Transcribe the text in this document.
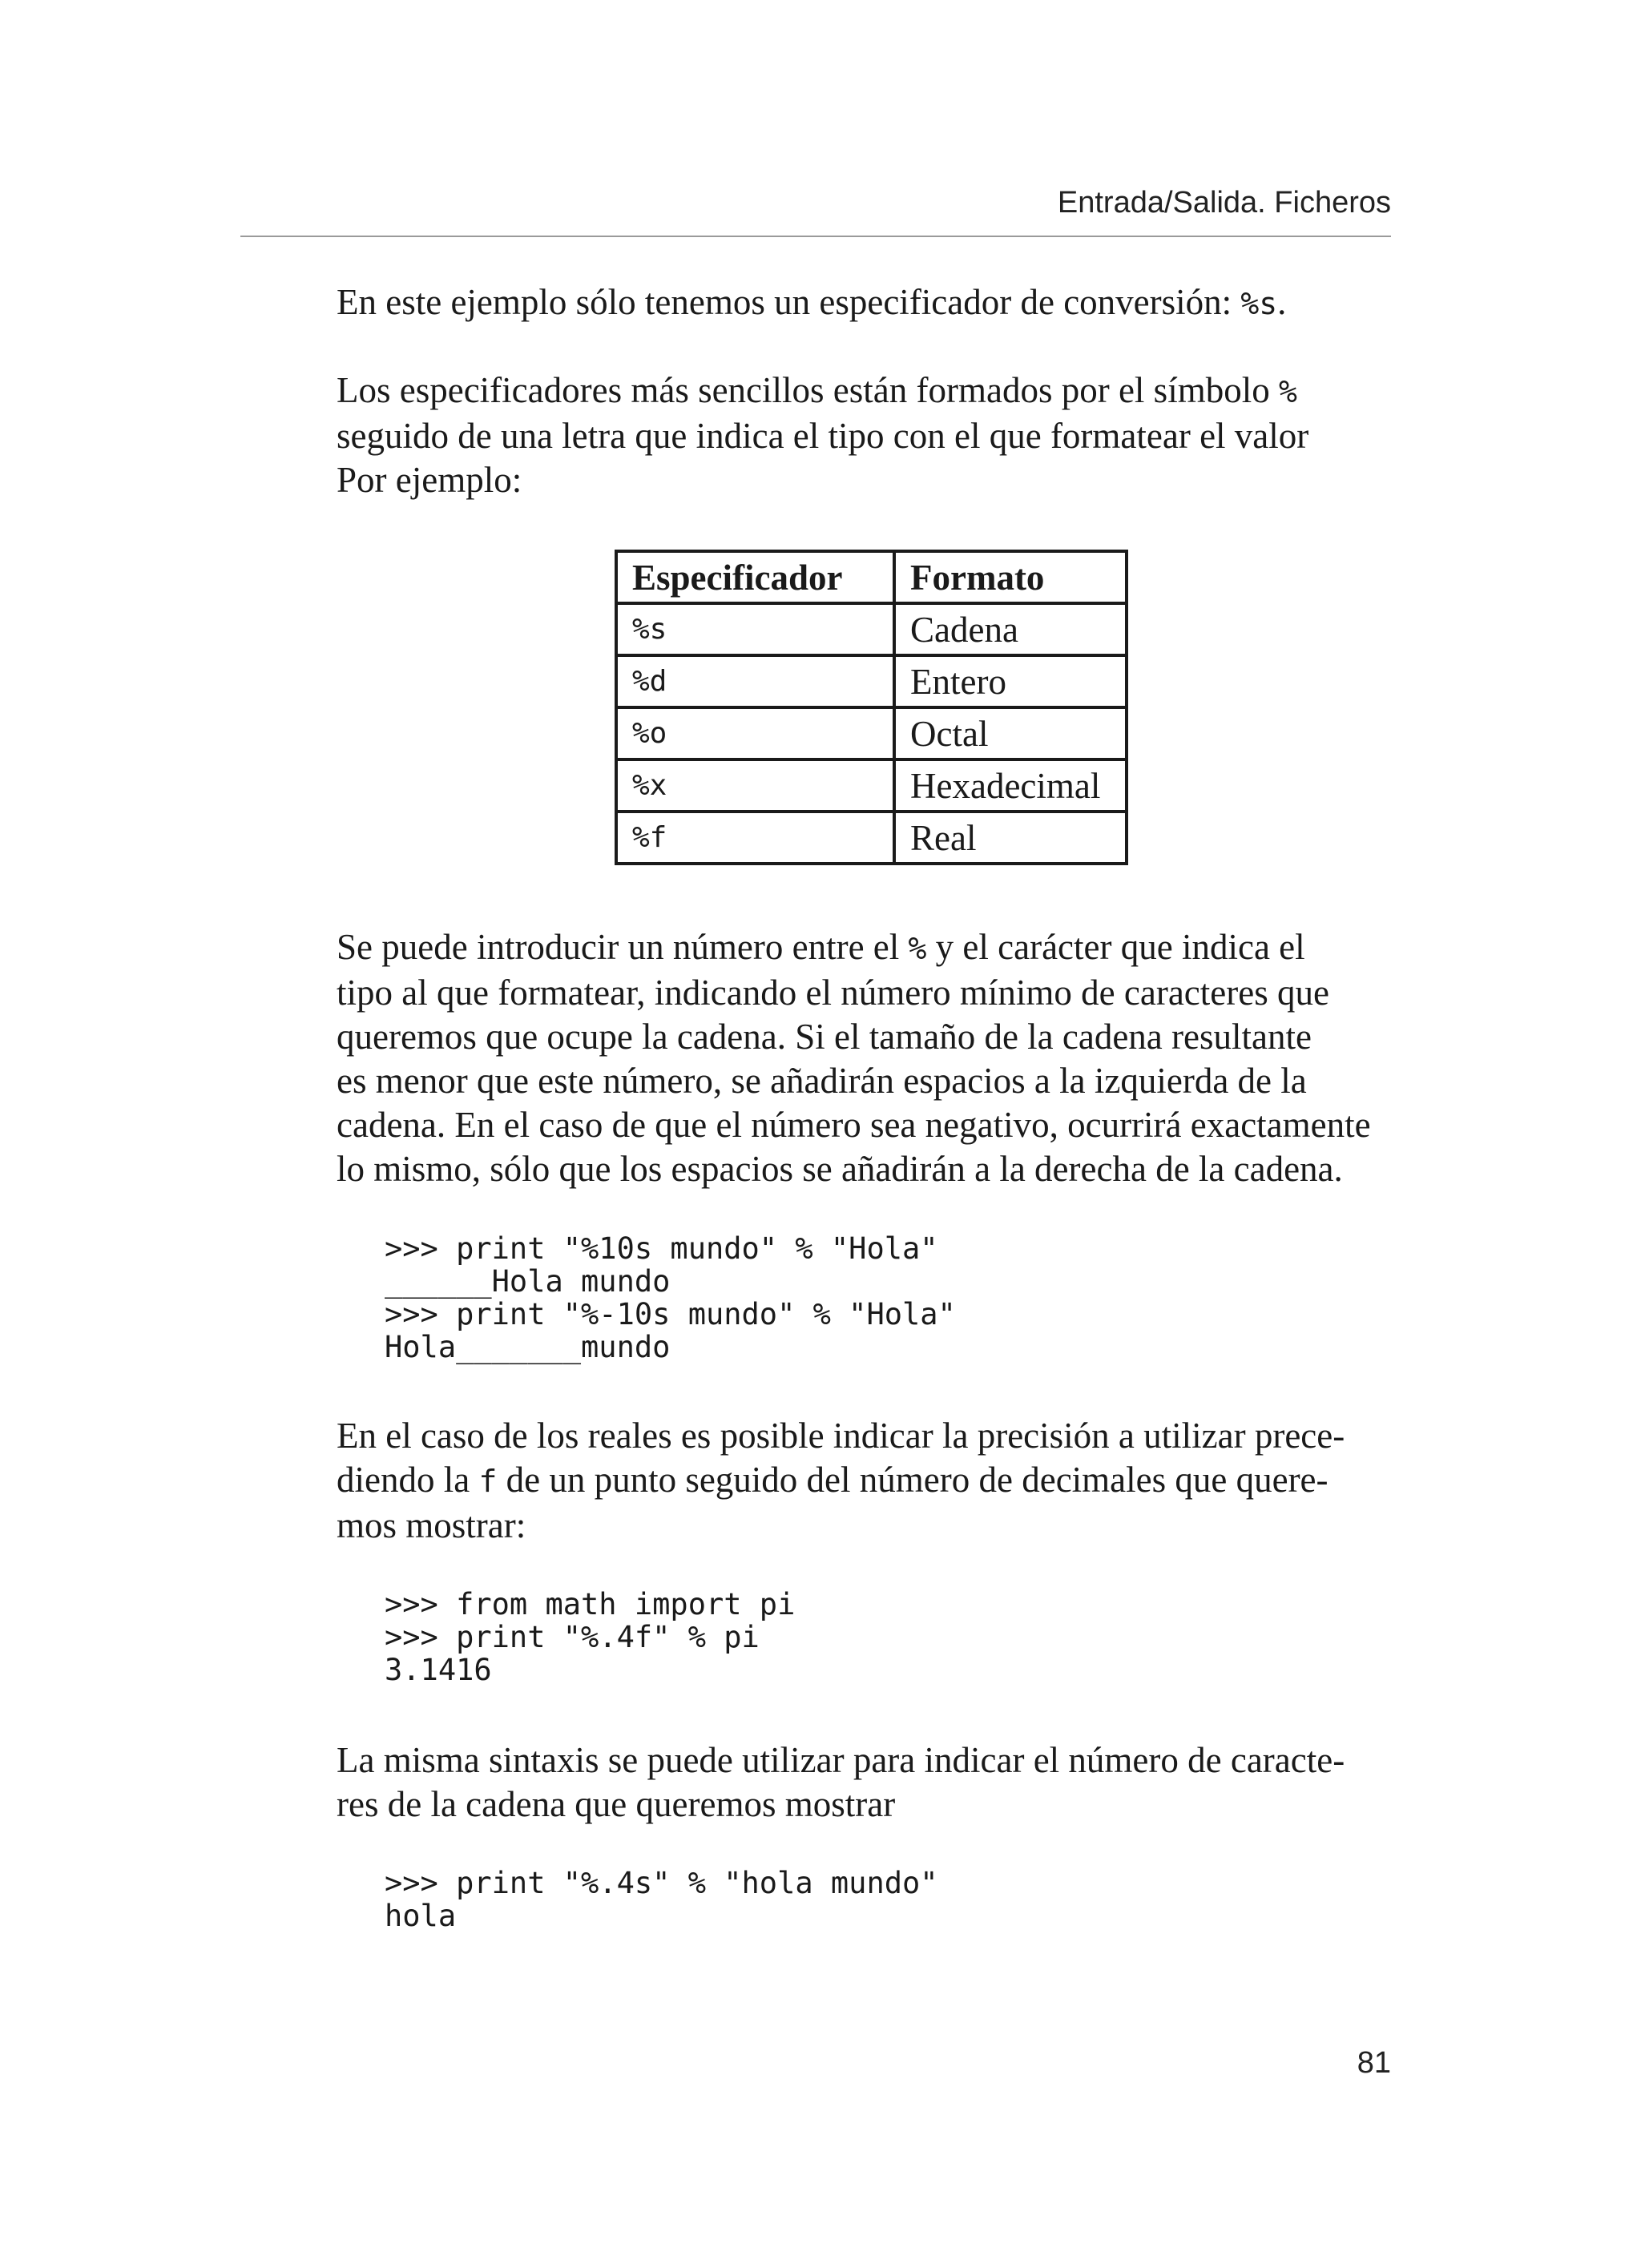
Entrada/Salida. Ficheros

En este ejemplo sólo tenemos un especificador de conversión: %s.

Los especificadores más sencillos están formados por el símbolo %
seguido de una letra que indica el tipo con el que formatear el valor
Por ejemplo:

Especificador	Formato
%s	Cadena
%d	Entero
%o	Octal
%x	Hexadecimal
%f	Real

Se puede introducir un número entre el % y el carácter que indica el
tipo al que formatear, indicando el número mínimo de caracteres que
queremos que ocupe la cadena. Si el tamaño de la cadena resultante
es menor que este número, se añadirán espacios a la izquierda de la
cadena. En el caso de que el número sea negativo, ocurrirá exactamente
lo mismo, sólo que los espacios se añadirán a la derecha de la cadena.

>>> print "%10s mundo" % "Hola"
______Hola mundo
>>> print "%-10s mundo" % "Hola"
Hola_______mundo

En el caso de los reales es posible indicar la precisión a utilizar prece-
diendo la f de un punto seguido del número de decimales que quere-
mos mostrar:

>>> from math import pi
>>> print "%.4f" % pi
3.1416

La misma sintaxis se puede utilizar para indicar el número de caracte-
res de la cadena que queremos mostrar

>>> print "%.4s" % "hola mundo"
hola
81
